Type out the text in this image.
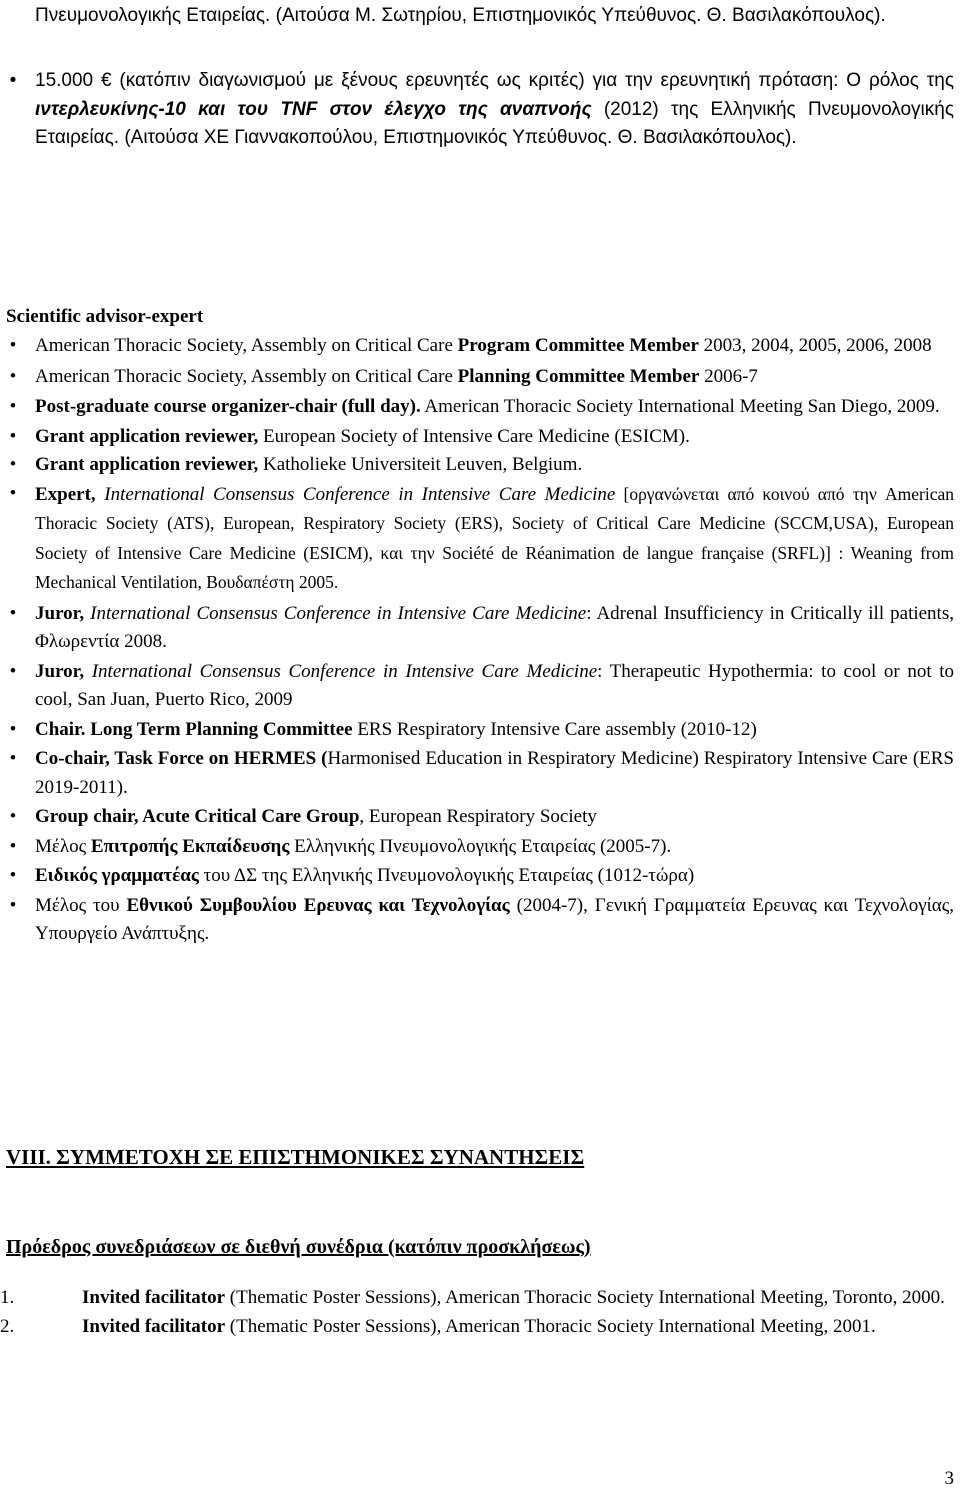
Πνευμονολογικής Εταιρείας. (Αιτούσα Μ. Σωτηρίου, Επιστημονικός Υπεύθυνος. Θ. Βασιλακόπουλος).
• 15.000 € (κατόπιν διαγωνισμού με ξένους ερευνητές ως κριτές) για την ερευνητική πρόταση: Ο ρόλος της ιντερλευκίνης-10 και του TNF στον έλεγχο της αναπνοής (2012) της Ελληνικής Πνευμονολογικής Εταιρείας. (Αιτούσα ΧΕ Γιαννακοπούλου, Επιστημονικός Υπεύθυνος. Θ. Βασιλακόπουλος).
Scientific advisor-expert
• American Thoracic Society, Assembly on Critical Care Program Committee Member 2003, 2004, 2005, 2006, 2008
• American Thoracic Society, Assembly on Critical Care Planning Committee Member 2006-7
• Post-graduate course organizer-chair (full day). American Thoracic Society International Meeting San Diego, 2009.
• Grant application reviewer, European Society of Intensive Care Medicine (ESICM).
• Grant application reviewer, Katholieke Universiteit Leuven, Belgium.
• Expert, International Consensus Conference in Intensive Care Medicine [οργανώνεται από κοινού από την American Thoracic Society (ATS), European, Respiratory Society (ERS), Society of Critical Care Medicine (SCCM,USA), European Society of Intensive Care Medicine (ESICM), και την Société de Réanimation de langue française (SRFL)] : Weaning from Mechanical Ventilation, Βουδαπέστη 2005.
• Juror, International Consensus Conference in Intensive Care Medicine: Adrenal Insufficiency in Critically ill patients, Φλωρεντία 2008.
• Juror, International Consensus Conference in Intensive Care Medicine: Therapeutic Hypothermia: to cool or not to cool, San Juan, Puerto Rico, 2009
• Chair. Long Term Planning Committee ERS Respiratory Intensive Care assembly (2010-12)
• Co-chair, Task Force on HERMES (Harmonised Education in Respiratory Medicine) Respiratory Intensive Care (ERS 2019-2011).
• Group chair, Acute Critical Care Group, European Respiratory Society
• Μέλος Επιτροπής Εκπαίδευσης Ελληνικής Πνευμονολογικής Εταιρείας (2005-7).
• Ειδικός γραμματέας του ΔΣ της Ελληνικής Πνευμονολογικής Εταιρείας (1012-τώρα)
• Μέλος του Εθνικού Συμβουλίου Ερευνας και Τεχνολογίας (2004-7), Γενική Γραμματεία Ερευνας και Τεχνολογίας, Υπουργείο Ανάπτυξης.
VIII. ΣΥΜΜΕΤΟΧΗ ΣΕ ΕΠΙΣΤΗΜΟΝΙΚΕΣ ΣΥΝΑΝΤΗΣΕΙΣ
Πρόεδρος συνεδριάσεων σε διεθνή συνέδρια (κατόπιν προσκλήσεως)
1.	Invited facilitator (Thematic Poster Sessions), American Thoracic Society International Meeting, Toronto, 2000.
2.	Invited facilitator (Thematic Poster Sessions), American Thoracic Society International Meeting, 2001.
3
